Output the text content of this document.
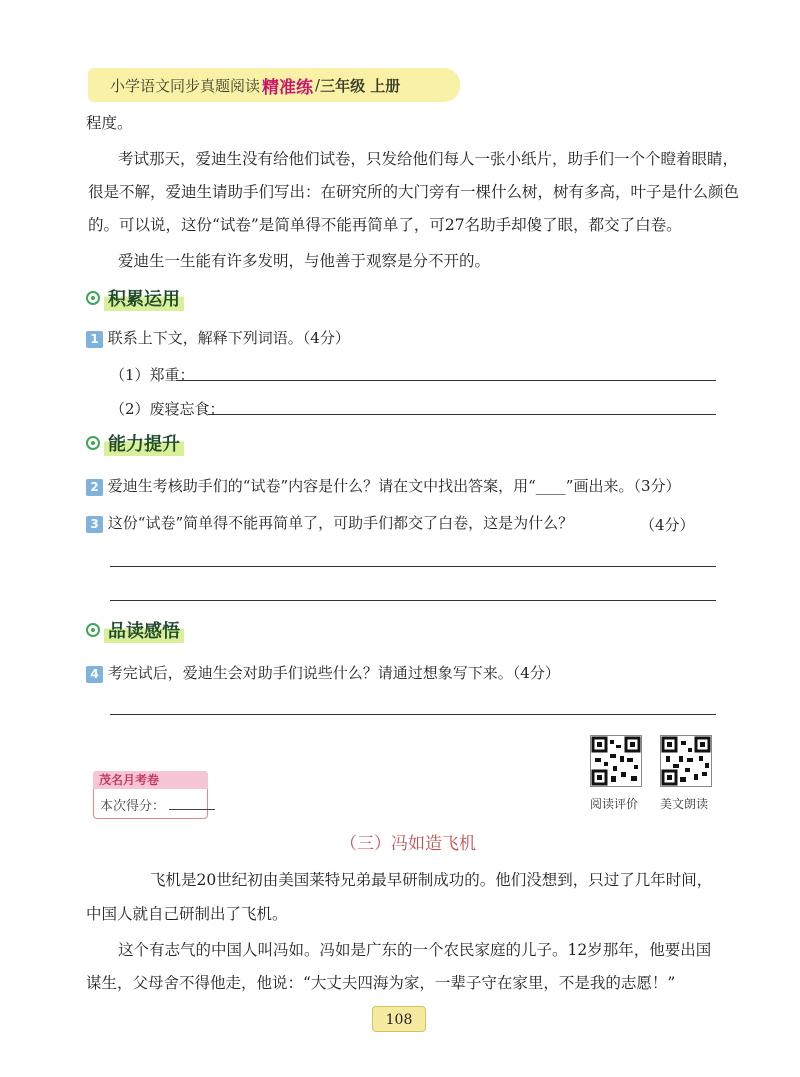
小学语文同步真题阅读 精准练 / 三年级 上册
程度。
考试那天，爱迪生没有给他们试卷，只发给他们每人一张小纸片，助手们一个个瞪着眼睛，
很是不解，爱迪生请助手们写出：在研究所的大门旁有一棵什么树，树有多高，叶子是什么颜色
的。可以说，这份“试卷”是简单得不能再简单了，可27名助手却傻了眼，都交了白卷。
爱迪生一生能有许多发明，与他善于观察是分不开的。
积累运用
1 联系上下文，解释下列词语。（4分）
（1）郑重：
（2）废寝忘食：
能力提升
2 爱迪生考核助手们的“试卷”内容是什么？请在文中找出答案，用“____”画出来。（3分）
3 这份“试卷”简单得不能再简单了，可助手们都交了白卷，这是为什么？	（4分）
品读感悟
4 考完试后，爱迪生会对助手们说些什么？请通过想象写下来。（4分）
阅读评价 美文朗读
茂名月考卷
本次得分：
（三）冯如造飞机
飞机是20世纪初由美国莱特兄弟最早研制成功的。他们没想到，只过了几年时间，
中国人就自己研制出了飞机。
这个有志气的中国人叫冯如。冯如是广东的一个农民家庭的儿子。12岁那年，他要出国
谋生，父母舍不得他走，他说：“大丈夫四海为家，一辈子守在家里，不是我的志愿！”
108
